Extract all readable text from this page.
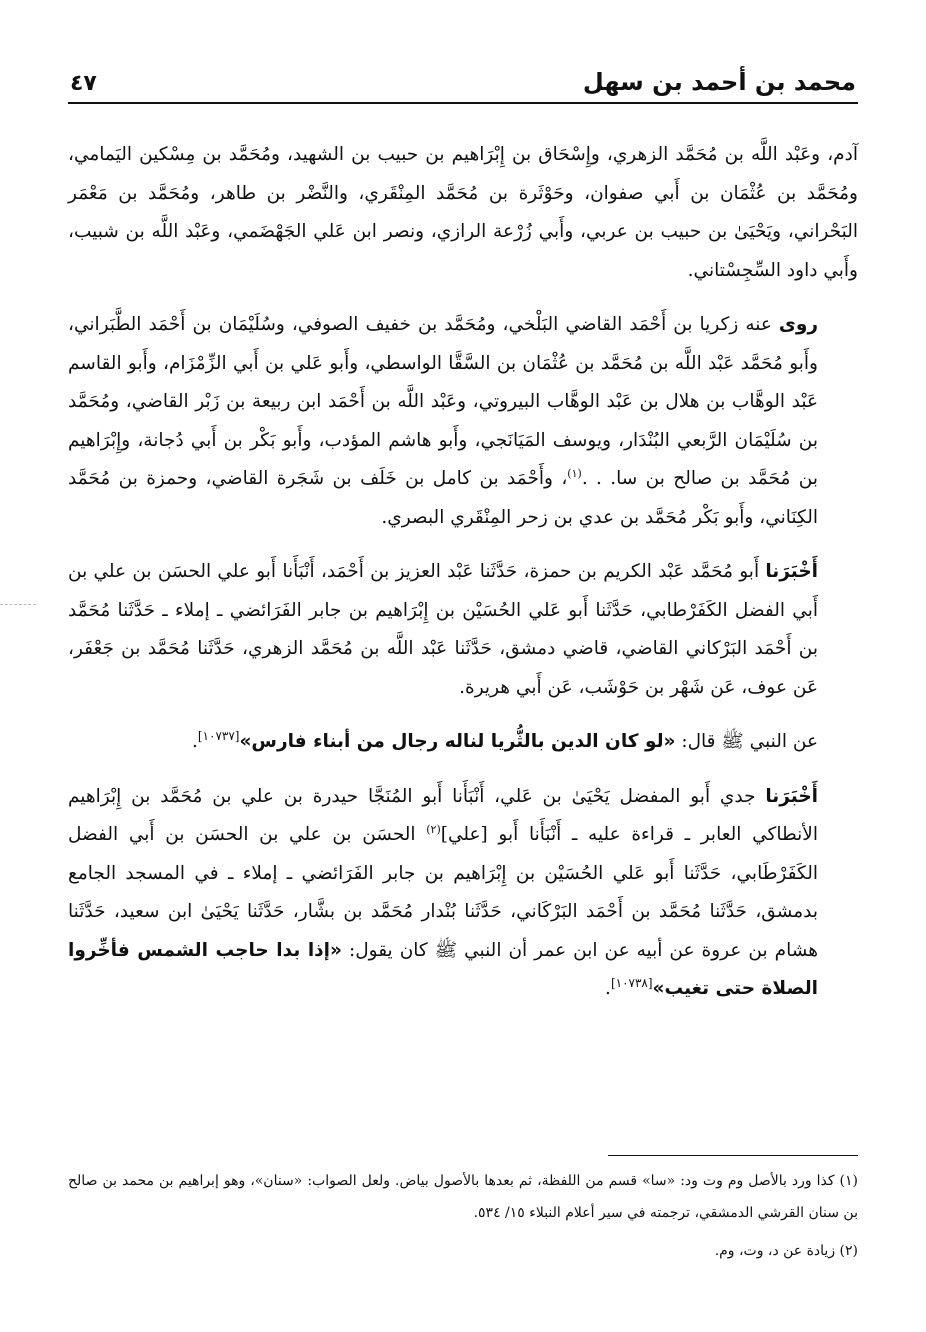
محمد بن أحمد بن سهل
٤٧

آدم، وعَبْد اللَّه بن مُحَمَّد الزهري، وإِسْحَاق بن إِبْرَاهيم بن حبيب بن الشهيد، ومُحَمَّد بن مِسْكين اليَمامي، ومُحَمَّد بن عُثْمَان بن أَبي صفوان، وحَوْثَرة بن مُحَمَّد المِنْقَري، والنَّضْر بن طاهر، ومُحَمَّد بن مَعْمَر البَحْراني، ويَحْيَىٰ بن حبيب بن عربي، وأَبي زُرْعة الرازي، ونصر ابن عَلي الجَهْضَمي، وعَبْد اللَّه بن شبيب، وأَبي داود السِّجِسْتاني.

روى عنه زكريا بن أَحْمَد القاضي البَلْخي، ومُحَمَّد بن خفيف الصوفي، وسُلَيْمَان بن أَحْمَد الطَّبَراني، وأَبو مُحَمَّد عَبْد اللَّه بن مُحَمَّد بن عُثْمَان بن السَّقَّا الواسطي، وأَبو عَلي بن أَبي الزِّمْزَام، وأَبو القاسم عَبْد الوهَّاب بن هلال بن عَبْد الوهَّاب البيروتي، وعَبْد اللَّه بن أَحْمَد ابن ربيعة بن زَبْر القاضي، ومُحَمَّد بن سُلَيْمَان الرَّبعي البُنْدَار، ويوسف المَيَانَجي، وأَبو هاشم المؤدب، وأَبو بَكْر بن أَبي دُجانة، وإِبْرَاهيم بن مُحَمَّد بن صالح بن سا. . .$^{(١)}$، وأَحْمَد بن كامل بن خَلَف بن شَجَرة القاضي، وحمزة بن مُحَمَّد الكِنَاني، وأَبو بَكْر مُحَمَّد بن عدي بن زحر المِنْقَري البصري.

أَخْبَرَنا أَبو مُحَمَّد عَبْد الكريم بن حمزة، حَدَّثَنا عَبْد العزيز بن أَحْمَد، أَنْبَأَنا أَبو علي الحسَن بن علي بن أَبي الفضل الكَفَرْطابي، حَدَّثَنا أَبو عَلي الحُسَيْن بن إِبْرَاهيم بن جابر الفَرَائضي ـ إملاء ـ حَدَّثَنا مُحَمَّد بن أَحْمَد البَرْكاني القاضي، قاضي دمشق، حَدَّثَنا عَبْد اللَّه بن مُحَمَّد الزهري، حَدَّثَنا مُحَمَّد بن جَعْفَر، عَن عوف، عَن شَهْر بن حَوْشَب، عَن أَبي هريرة.

عن النبي ﷺ قال: «لو كان الدين بالثُّريا لناله رجال من أبناء فارس»[١٠٧٣٧].

أَخْبَرَنا جدي أَبو المفضل يَحْيَىٰ بن عَلي، أَنْبَأَنا أَبو المُنَجَّا حيدرة بن علي بن مُحَمَّد بن إِبْرَاهيم الأنطاكي العابر ـ قراءة عليه ـ أَنْبَأَنا أَبو [علي]$^{(٢)}$ الحسَن بن علي بن الحسَن بن أَبي الفضل الكَفَرْطَابي، حَدَّثَنا أَبو عَلي الحُسَيْن بن إِبْرَاهيم بن جابر الفَرَائضي ـ إملاء ـ في المسجد الجامع بدمشق، حَدَّثَنا مُحَمَّد بن أَحْمَد البَرْكَاني، حَدَّثَنا بُنْدار مُحَمَّد بن بشَّار، حَدَّثَنا يَحْيَىٰ ابن سعيد، حَدَّثَنا هشام بن عروة عن أبيه عن ابن عمر أن النبي ﷺ كان يقول: «إذا بدا حاجب الشمس فأخِّروا الصلاة حتى تغيب»[١٠٧٣٨].

(١) كذا ورد بالأصل وم وت ود: «سا» قسم من اللفظة، ثم بعدها بالأصول بياض. ولعل الصواب: «سنان»، وهو إبراهيم بن محمد بن صالح بن سنان القرشي الدمشقي، ترجمته في سير أعلام النبلاء ١٥/ ٥٣٤.
(٢) زيادة عن د، وت، وم.
